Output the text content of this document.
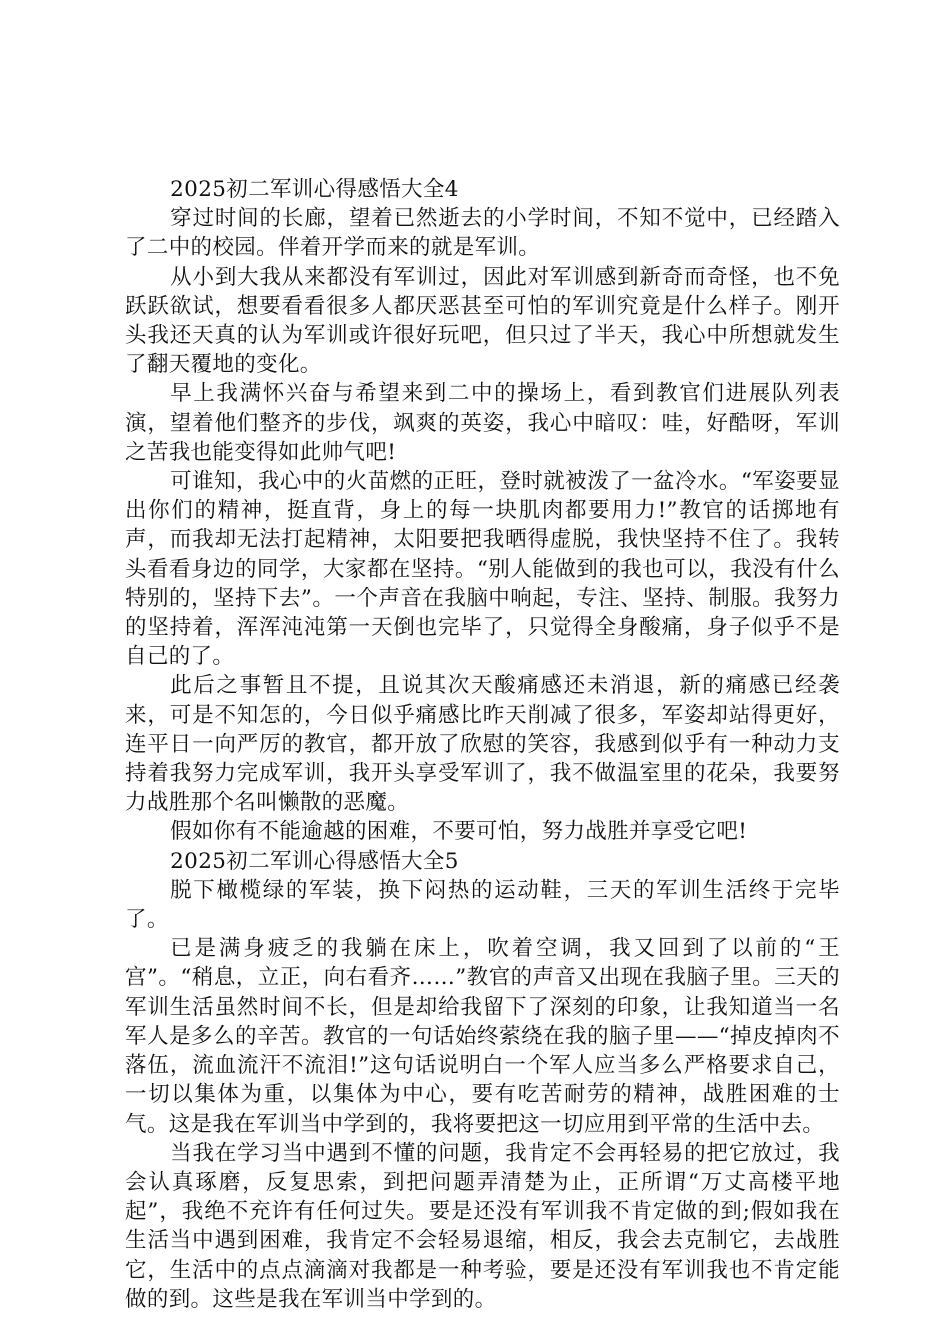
2025初二军训心得感悟大全4

穿过时间的长廊，望着已然逝去的小学时间，不知不觉中，已经踏入了二中的校园。伴着开学而来的就是军训。

从小到大我从来都没有军训过，因此对军训感到新奇而奇怪，也不免跃跃欲试，想要看看很多人都厌恶甚至可怕的军训究竟是什么样子。刚开头我还天真的认为军训或许很好玩吧，但只过了半天，我心中所想就发生了翻天覆地的变化。

早上我满怀兴奋与希望来到二中的操场上，看到教官们进展队列表演，望着他们整齐的步伐，飒爽的英姿，我心中暗叹：哇，好酷呀，军训之苦我也能变得如此帅气吧!

可谁知，我心中的火苗燃的正旺，登时就被泼了一盆冷水。“军姿要显出你们的精神，挺直背，身上的每一块肌肉都要用力!”教官的话掷地有声，而我却无法打起精神，太阳要把我晒得虚脱，我快坚持不住了。我转头看看身边的同学，大家都在坚持。“别人能做到的我也可以，我没有什么特别的，坚持下去”。一个声音在我脑中响起，专注、坚持、制服。我努力的坚持着，浑浑沌沌第一天倒也完毕了，只觉得全身酸痛，身子似乎不是自己的了。

此后之事暂且不提，且说其次天酸痛感还未消退，新的痛感已经袭来，可是不知怎的，今日似乎痛感比昨天削减了很多，军姿却站得更好，连平日一向严厉的教官，都开放了欣慰的笑容，我感到似乎有一种动力支持着我努力完成军训，我开头享受军训了，我不做温室里的花朵，我要努力战胜那个名叫懒散的恶魔。

假如你有不能逾越的困难，不要可怕，努力战胜并享受它吧!

2025初二军训心得感悟大全5

脱下橄榄绿的军装，换下闷热的运动鞋，三天的军训生活终于完毕了。

已是满身疲乏的我躺在床上，吹着空调，我又回到了以前的“王宫”。“稍息，立正，向右看齐……”教官的声音又出现在我脑子里。三天的军训生活虽然时间不长，但是却给我留下了深刻的印象，让我知道当一名军人是多么的辛苦。教官的一句话始终萦绕在我的脑子里——“掉皮掉肉不落伍，流血流汗不流泪!”这句话说明白一个军人应当多么严格要求自己，一切以集体为重，以集体为中心，要有吃苦耐劳的精神，战胜困难的士气。这是我在军训当中学到的，我将要把这一切应用到平常的生活中去。

当我在学习当中遇到不懂的问题，我肯定不会再轻易的把它放过，我会认真琢磨，反复思索，到把问题弄清楚为止，正所谓“万丈高楼平地起”，我绝不充许有任何过失。要是还没有军训我不肯定做的到;假如我在生活当中遇到困难，我肯定不会轻易退缩，相反，我会去克制它，去战胜它，生活中的点点滴滴对我都是一种考验，要是还没有军训我也不肯定能做的到。这些是我在军训当中学到的。
